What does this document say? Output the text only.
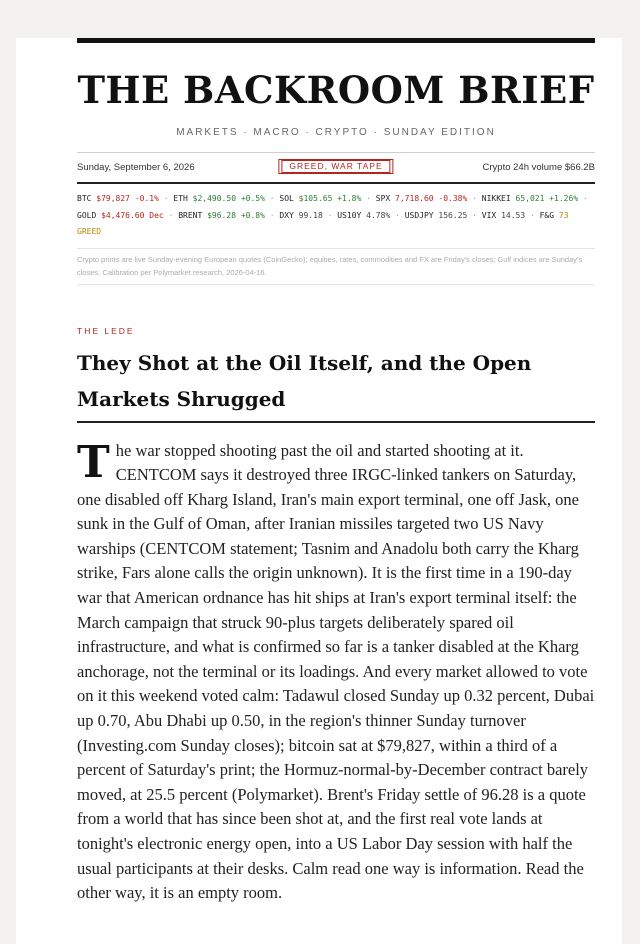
THE BACKROOM BRIEF
MARKETS · MACRO · CRYPTO · SUNDAY EDITION
Sunday, September 6, 2026	GREED, WAR TAPE	Crypto 24h volume $66.2B
BTC $79,827 -0.1% · ETH $2,490.50 +0.5% · SOL $105.65 +1.8% · SPX 7,718.60 -0.38% · NIKKEI 65,021 +1.26% · GOLD $4,476.60 Dec · BRENT $96.28 +0.8% · DXY 99.18 · US10Y 4.78% · USDJPY 156.25 · VIX 14.53 · F&G 73 GREED
Crypto prints are live Sunday-evening European quotes (CoinGecko); equities, rates, commodities and FX are Friday's closes; Gulf indices are Sunday's closes. Calibration per Polymarket research, 2026-04-16.
THE LEDE
They Shot at the Oil Itself, and the Open Markets Shrugged
The war stopped shooting past the oil and started shooting at it. CENTCOM says it destroyed three IRGC-linked tankers on Saturday, one disabled off Kharg Island, Iran's main export terminal, one off Jask, one sunk in the Gulf of Oman, after Iranian missiles targeted two US Navy warships (CENTCOM statement; Tasnim and Anadolu both carry the Kharg strike, Fars alone calls the origin unknown). It is the first time in a 190-day war that American ordnance has hit ships at Iran's export terminal itself: the March campaign that struck 90-plus targets deliberately spared oil infrastructure, and what is confirmed so far is a tanker disabled at the Kharg anchorage, not the terminal or its loadings. And every market allowed to vote on it this weekend voted calm: Tadawul closed Sunday up 0.32 percent, Dubai up 0.70, Abu Dhabi up 0.50, in the region's thinner Sunday turnover (Investing.com Sunday closes); bitcoin sat at $79,827, within a third of a percent of Saturday's print; the Hormuz-normal-by-December contract barely moved, at 25.5 percent (Polymarket). Brent's Friday settle of 96.28 is a quote from a world that has since been shot at, and the first real vote lands at tonight's electronic energy open, into a US Labor Day session with half the usual participants at their desks. Calm read one way is information. Read the other way, it is an empty room.
